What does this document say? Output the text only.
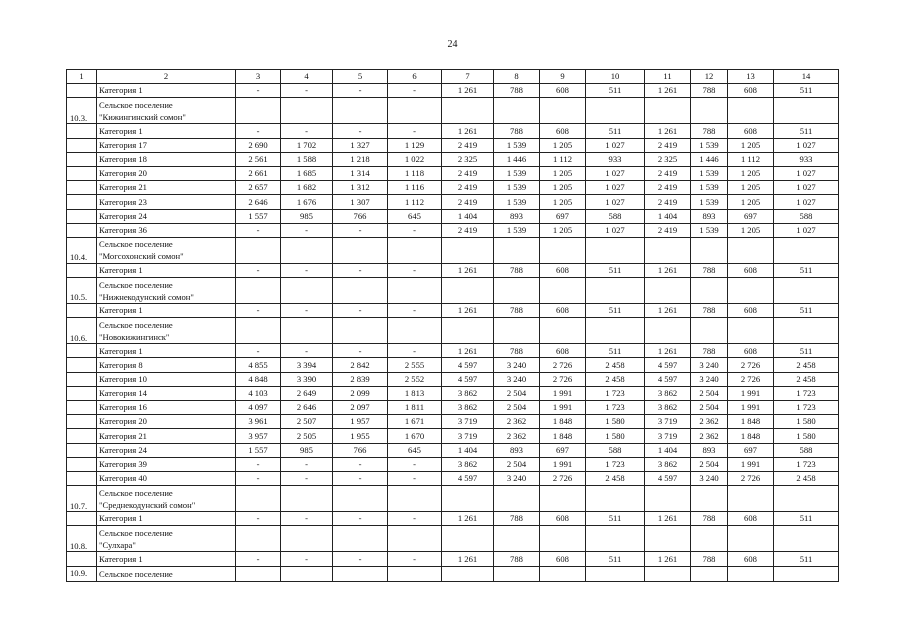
24
1	2	3	4	5	6	7	8	9	10	11	12	13	14
	Категория 1	-	-	-	-	1 261	788	608	511	1 261	788	608	511
10.3.	Сельское поселение
"Кижингинский сомон"												

	Категория 1	-	-	-	-	1 261	788	608	511	1 261	788	608	511
	Категория 17	2 690	1 702	1 327	1 129	2 419	1 539	1 205	1 027	2 419	1 539	1 205	1 027
	Категория 18	2 561	1 588	1 218	1 022	2 325	1 446	1 112	933	2 325	1 446	1 112	933
	Категория 20	2 661	1 685	1 314	1 118	2 419	1 539	1 205	1 027	2 419	1 539	1 205	1 027
	Категория 21	2 657	1 682	1 312	1 116	2 419	1 539	1 205	1 027	2 419	1 539	1 205	1 027
	Категория 23	2 646	1 676	1 307	1 112	2 419	1 539	1 205	1 027	2 419	1 539	1 205	1 027
	Категория 24	1 557	985	766	645	1 404	893	697	588	1 404	893	697	588
	Категория 36	-	-	-	-	2 419	1 539	1 205	1 027	2 419	1 539	1 205	1 027
10.4.	Сельское поселение
"Могсохонский сомон"												

	Категория 1	-	-	-	-	1 261	788	608	511	1 261	788	608	511
10.5.	Сельское поселение
"Нижнекодунский сомон"												

	Категория 1	-	-	-	-	1 261	788	608	511	1 261	788	608	511
10.6.	Сельское поселение
"Новокижингинск"												

	Категория 1	-	-	-	-	1 261	788	608	511	1 261	788	608	511
	Категория 8	4 855	3 394	2 842	2 555	4 597	3 240	2 726	2 458	4 597	3 240	2 726	2 458
	Категория 10	4 848	3 390	2 839	2 552	4 597	3 240	2 726	2 458	4 597	3 240	2 726	2 458
	Категория 14	4 103	2 649	2 099	1 813	3 862	2 504	1 991	1 723	3 862	2 504	1 991	1 723
	Категория 16	4 097	2 646	2 097	1 811	3 862	2 504	1 991	1 723	3 862	2 504	1 991	1 723
	Категория 20	3 961	2 507	1 957	1 671	3 719	2 362	1 848	1 580	3 719	2 362	1 848	1 580
	Категория 21	3 957	2 505	1 955	1 670	3 719	2 362	1 848	1 580	3 719	2 362	1 848	1 580
	Категория 24	1 557	985	766	645	1 404	893	697	588	1 404	893	697	588
	Категория 39	-	-	-	-	3 862	2 504	1 991	1 723	3 862	2 504	1 991	1 723
	Категория 40	-	-	-	-	4 597	3 240	2 726	2 458	4 597	3 240	2 726	2 458
10.7.	Сельское поселение
"Среднекодунский сомон"												

	Категория 1	-	-	-	-	1 261	788	608	511	1 261	788	608	511
10.8.	Сельское поселение
"Сулхара"												

	Категория 1	-	-	-	-	1 261	788	608	511	1 261	788	608	511
10.9.	Сельское поселение												
